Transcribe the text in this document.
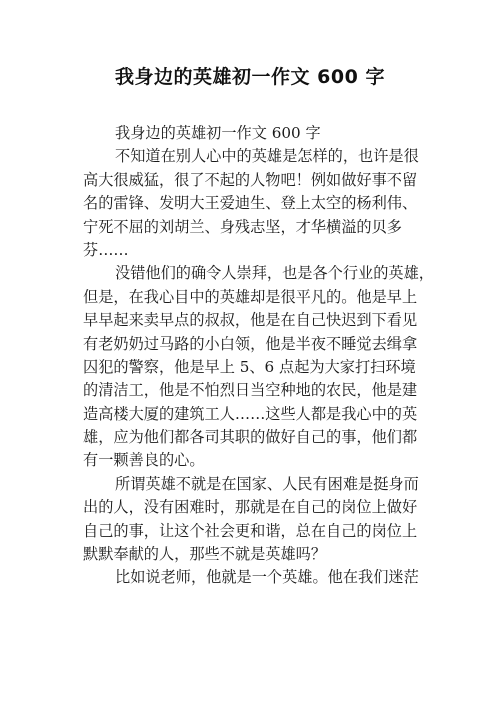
我身边的英雄初一作文 600 字
我身边的英雄初一作文 600 字
不知道在别人心中的英雄是怎样的，也许是很
高大很威猛，很了不起的人物吧！例如做好事不留
名的雷锋、发明大王爱迪生、登上太空的杨利伟、
宁死不屈的刘胡兰、身残志坚，才华横溢的贝多
芬……
没错他们的确令人崇拜，也是各个行业的英雄，
但是，在我心目中的英雄却是很平凡的。他是早上
早早起来卖早点的叔叔，他是在自己快迟到下看见
有老奶奶过马路的小白领，他是半夜不睡觉去缉拿
囚犯的警察，他是早上 5、6 点起为大家打扫环境
的清洁工，他是不怕烈日当空种地的农民，他是建
造高楼大厦的建筑工人……这些人都是我心中的英
雄，应为他们都各司其职的做好自己的事，他们都
有一颗善良的心。
所谓英雄不就是在国家、人民有困难是挺身而
出的人，没有困难时，那就是在自己的岗位上做好
自己的事，让这个社会更和谐，总在自己的岗位上
默默奉献的人，那些不就是英雄吗？
比如说老师，他就是一个英雄。他在我们迷茫
